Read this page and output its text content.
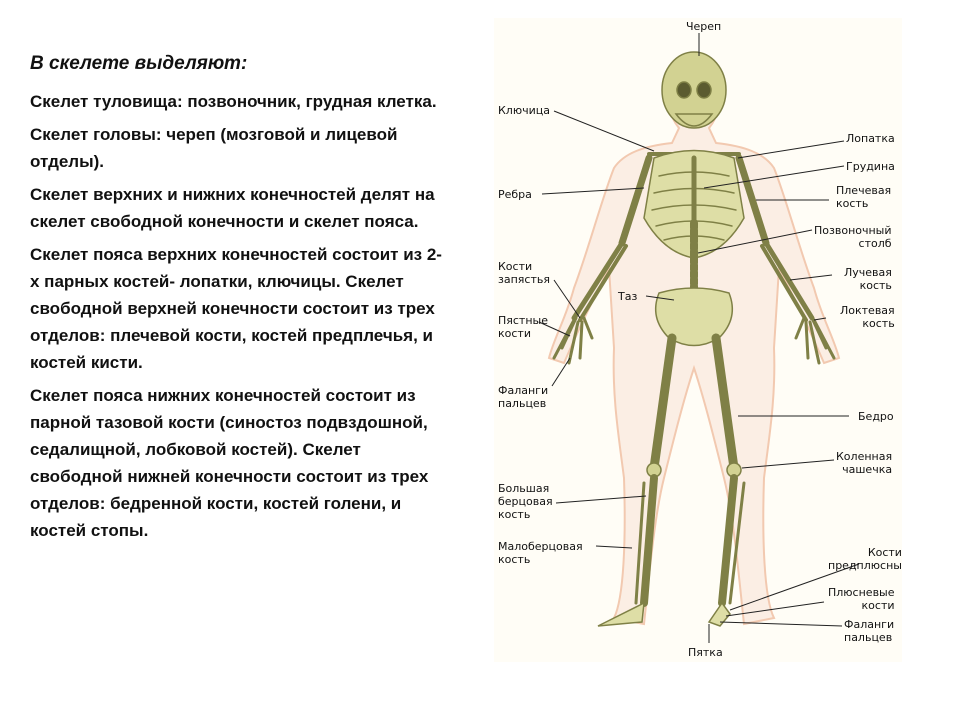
В скелете выделяют:
Скелет туловища: позвоночник, грудная клетка.
Скелет головы: череп (мозговой и лицевой отделы).
Скелет верхних и нижних конечностей делят на скелет свободной конечности и скелет пояса.
Скелет пояса верхних конечностей состоит из 2-х парных костей- лопатки, ключицы. Скелет свободной верхней конечности состоит из трех отделов: плечевой кости, костей предплечья, и костей кисти.
Скелет пояса нижних конечностей состоит из парной тазовой кости (синостоз подвздошной, седалищной, лобковой костей). Скелет свободной нижней конечности состоит из трех отделов: бедренной кости, костей голени, и костей стопы.
Череп
Ключица
Лопатка
Грудина
Ребра	Плечевая
кость
Позвоночный
столб
Кости
запястья
Таз
Лучевая
кость
Пястные
кости
Локтевая
кость
Фаланги
пальцев
Бедро
Коленная
чашечка
Большая
берцовая
кость
Малоберцовая
кость
Кости
предплюсны
Плюсневые
кости
Фаланги
пальцев
Пятка
